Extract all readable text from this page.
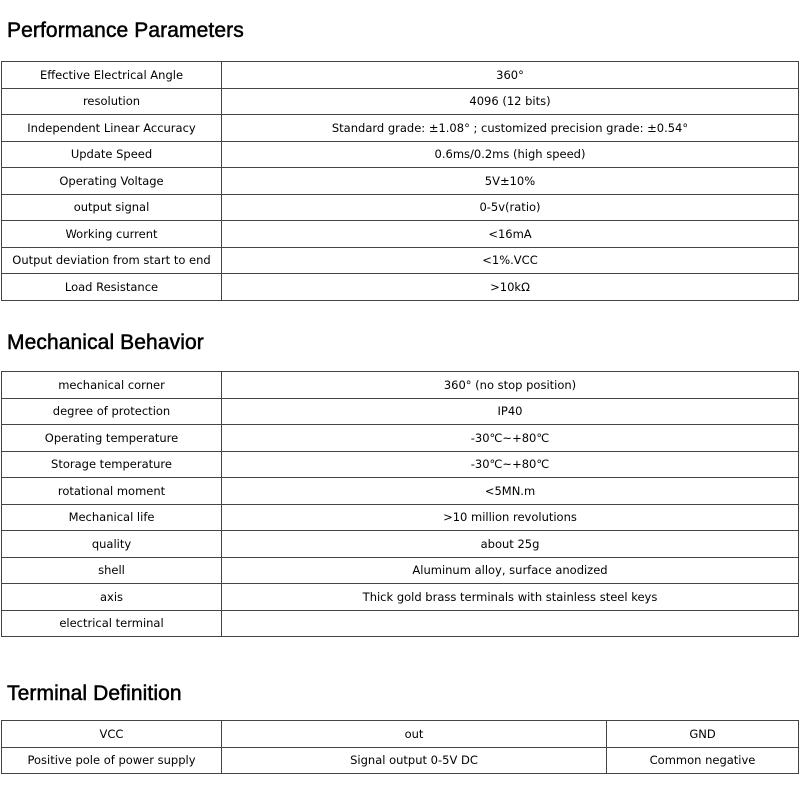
Performance Parameters
Effective Electrical Angle	360°
resolution	4096 (12 bits)
Independent Linear Accuracy	Standard grade: ±1.08° ; customized precision grade: ±0.54°
Update Speed	0.6ms/0.2ms (high speed)
Operating Voltage	5V±10%
output signal	0-5v(ratio)
Working current	<16mA
Output deviation from start to end	<1%.VCC
Load Resistance	>10kΩ
Mechanical Behavior
mechanical corner	360° (no stop position)
degree of protection	IP40
Operating temperature	-30℃~+80℃
Storage temperature	-30℃~+80℃
rotational moment	<5MN.m
Mechanical life	>10 million revolutions
quality	about 25g
shell	Aluminum alloy, surface anodized
axis	Thick gold brass terminals with stainless steel keys
electrical terminal	
Terminal Definition
VCC	out	GND
Positive pole of power supply	Signal output 0-5V DC	Common negative
